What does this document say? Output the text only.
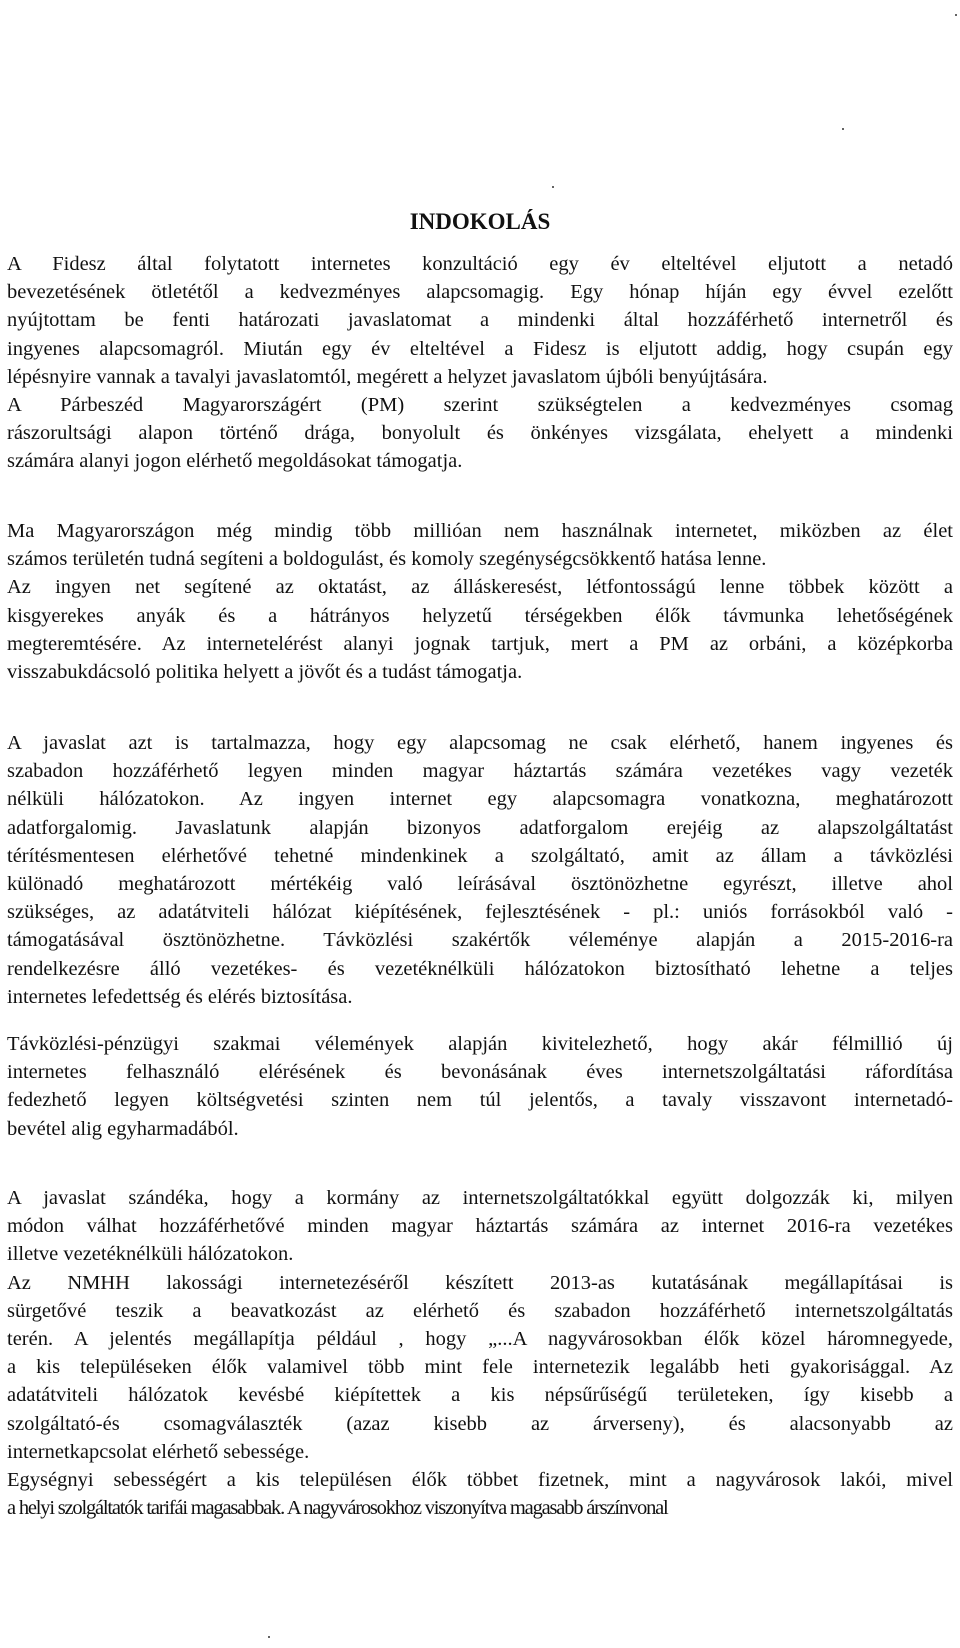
INDOKOLÁS
A Fidesz által folytatott internetes konzultáció egy év elteltével eljutott a netadó
bevezetésének ötletétől a kedvezményes alapcsomagig. Egy hónap híján egy évvel ezelőtt
nyújtottam be fenti határozati javaslatomat a mindenki által hozzáférhető internetről és
ingyenes alapcsomagról. Miután egy év elteltével a Fidesz is eljutott addig, hogy csupán egy
lépésnyire vannak a tavalyi javaslatomtól, megérett a helyzet javaslatom újbóli benyújtására.
A Párbeszéd Magyarországért (PM) szerint szükségtelen a kedvezményes csomag
rászorultsági alapon történő drága, bonyolult és önkényes vizsgálata, ehelyett a mindenki
számára alanyi jogon elérhető megoldásokat támogatja.
Ma Magyarországon még mindig több millióan nem használnak internetet, miközben az élet
számos területén tudná segíteni a boldogulást, és komoly szegénységcsökkentő hatása lenne.
Az ingyen net segítené az oktatást, az álláskeresést, létfontosságú lenne többek között a
kisgyerekes anyák és a hátrányos helyzetű térségekben élők távmunka lehetőségének
megteremtésére. Az internetelérést alanyi jognak tartjuk, mert a PM az orbáni, a középkorba
visszabukdácsoló politika helyett a jövőt és a tudást támogatja.
A javaslat azt is tartalmazza, hogy egy alapcsomag ne csak elérhető, hanem ingyenes és
szabadon hozzáférhető legyen minden magyar háztartás számára vezetékes vagy vezeték
nélküli hálózatokon. Az ingyen internet egy alapcsomagra vonatkozna, meghatározott
adatforgalomig. Javaslatunk alapján bizonyos adatforgalom erejéig az alapszolgáltatást
térítésmentesen elérhetővé tehetné mindenkinek a szolgáltató, amit az állam a távközlési
különadó meghatározott mértékéig való leírásával ösztönözhetne egyrészt, illetve ahol
szükséges, az adatátviteli hálózat kiépítésének, fejlesztésének - pl.: uniós forrásokból való -
támogatásával ösztönözhetne. Távközlési szakértők véleménye alapján a 2015-2016-ra
rendelkezésre álló vezetékes- és vezetéknélküli hálózatokon biztosítható lehetne a teljes
internetes lefedettség és elérés biztosítása.
Távközlési-pénzügyi szakmai vélemények alapján kivitelezhető, hogy akár félmillió új
internetes felhasználó elérésének és bevonásának éves internetszolgáltatási ráfordítása
fedezhető legyen költségvetési szinten nem túl jelentős, a tavaly visszavont internetadó-
bevétel alig egyharmadából.
A javaslat szándéka, hogy a kormány az internetszolgáltatókkal együtt dolgozzák ki, milyen
módon válhat hozzáférhetővé minden magyar háztartás számára az internet 2016-ra vezetékes
illetve vezetéknélküli hálózatokon.
Az NMHH lakossági internetezéséről készített 2013-as kutatásának megállapításai is
sürgetővé teszik a beavatkozást az elérhető és szabadon hozzáférhető internetszolgáltatás
terén. A jelentés megállapítja például , hogy „...A nagyvárosokban élők közel háromnegyede,
a kis településeken élők valamivel több mint fele internetezik legalább heti gyakorisággal. Az
adatátviteli hálózatok kevésbé kiépítettek a kis népsűrűségű területeken, így kisebb a
szolgáltató-és csomagválaszték (azaz kisebb az árverseny), és alacsonyabb az
internetkapcsolat elérhető sebessége.
Egységnyi sebességért a kis településen élők többet fizetnek, mint a nagyvárosok lakói, mivel
a helyi szolgáltatók tarifái magasabbak. A nagyvárosokhoz viszonyítva magasabb árszínvonal
